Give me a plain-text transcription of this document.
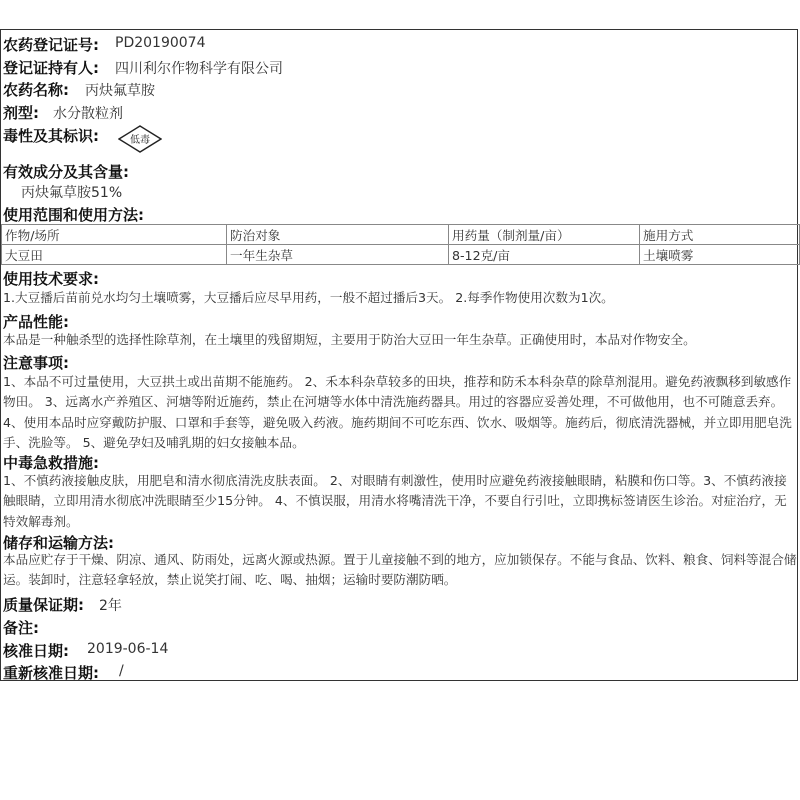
农药登记证号: PD20190074
登记证持有人: 四川利尔作物科学有限公司
农药名称: 丙炔氟草胺
剂型: 水分散粒剂
毒性及其标识:	低毒
有效成分及其含量:
丙炔氟草胺51%
使用范围和使用方法:
作物/场所	防治对象	用药量（制剂量/亩）	施用方式
大豆田	一年生杂草	8-12克/亩	土壤喷雾
使用技术要求:
1.大豆播后苗前兑水均匀土壤喷雾，大豆播后应尽早用药，一般不超过播后3天。 2.每季作物使用次数为1次。
产品性能:
本品是一种触杀型的选择性除草剂，在土壤里的残留期短，主要用于防治大豆田一年生杂草。正确使用时，本品对作物安全。
注意事项:
1、本品不可过量使用，大豆拱土或出苗期不能施药。 2、禾本科杂草较多的田块，推荐和防禾本科杂草的除草剂混用。避免药液飘移到敏感作物田。 3、远离水产养殖区、河塘等附近施药，禁止在河塘等水体中清洗施药器具。用过的容器应妥善处理，不可做他用，也不可随意丢弃。 4、使用本品时应穿戴防护服、口罩和手套等，避免吸入药液。施药期间不可吃东西、饮水、吸烟等。施药后，彻底清洗器械，并立即用肥皂洗手、洗脸等。 5、避免孕妇及哺乳期的妇女接触本品。
中毒急救措施:
1、不慎药液接触皮肤，用肥皂和清水彻底清洗皮肤表面。 2、对眼睛有刺激性，使用时应避免药液接触眼睛，粘膜和伤口等。3、不慎药液接触眼睛，立即用清水彻底冲洗眼睛至少15分钟。 4、不慎误服，用清水将嘴清洗干净，不要自行引吐，立即携标签请医生诊治。对症治疗，无特效解毒剂。
储存和运输方法:
本品应贮存于干燥、阴凉、通风、防雨处，远离火源或热源。置于儿童接触不到的地方，应加锁保存。不能与食品、饮料、粮食、饲料等混合储运。装卸时，注意轻拿轻放，禁止说笑打闹、吃、喝、抽烟；运输时要防潮防晒。
质量保证期: 2年
备注:
核准日期: 2019-06-14
重新核准日期: /
